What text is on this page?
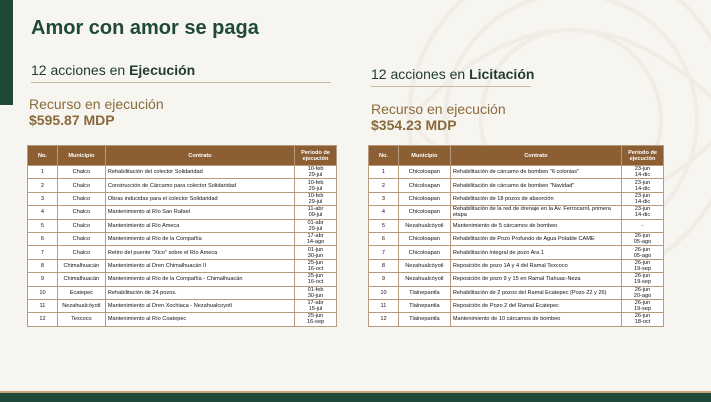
Amor con amor se paga
12 acciones en Ejecución	12 acciones en Licitación
Recurso en ejecución
$595.87 MDP
Recurso en ejecución
$354.23 MDP
No.	Municipio	Contrato	Periodo de ejecución
1	Chalco	Rehabilitación del colector Solidaridad	10-feb
29-jul

2	Chalco	Construcción de Cárcamo para colector Solidaridad	10-feb
29-jul

3	Chalco	Obras inducidas para el colector Solidaridad	10-feb
29-jul

4	Chalco	Mantenimiento al Río San Rafael	11-abr
09-jul

5	Chalco	Mantenimiento al Río Ameca	01-abr
29-jul

6	Chalco	Mantenimiento al Río de la Compañía	17-abr
14-ago

7	Chalco	Retiro del puente "Xico" sobre el Río Ameca	01-jun
30-jun

8	Chimalhuacán	Mantenimiento al Dren Chimalhuacán II	25-jun
16-oct

9	Chimalhuacán	Mantenimiento al Río de la Compañía - Chimalhuacán	25-jun
16-oct

10	Ecatepec	Rehabilitación de 24 pozos.	01-feb
30-jun

11	Nezahualcóyotl	Mantenimiento al Dren Xochiaca - Nezahualcoyotl	17-abr
15-jul

12	Texcoco	Mantenimiento al Río Coatepec	25-jun
16-sep
No.	Municipio	Contrato	Periodo de ejecución
1	Chicoloapan	Rehabilitación de cárcamo de bombeo "6 colonias"	23-jun
14-dic

2	Chicoloapan	Rehabilitación de cárcamo de bombeo "Navidad"	23-jun
14-dic

3	Chicoloapan	Rehabilitación de 18 pozos de absorción	23-jun
14-dic

4	Chicoloapan	Rehabilitación de la red de drenaje en la Av. Ferrocarril, primera etapa	23-jun
14-dic

5	Nezahualcóyotl	Mantenimiento de 5 cárcamos de bombeo	-

6	Chicoloapan	Rehabilitación de Pozo Profundo de Agua Potable CAME	26-jun
05-ago

7	Chicoloapan	Rehabilitación integral de pozo Ara 1	26-jun
05-ago

8	Nezahualcóyotl	Reposición de pozo 1A y 4 del Ramal Texcoco	26-jun
19-sep

9	Nezahualcóyotl	Reposición de pozo 9 y 15 en Ramal Tlahuac-Neza	26-jun
19-sep

10	Tlalnepantla	Rehabilitación de 2 pozos del Ramal Ecatepec (Pozo 22 y 26)	26-jun
20-ago

11	Tlalnepantla	Reposición de Pozo 2 del Ramal Ecatepec	26-jun
19-sep

12	Tlalnepantla	Mantenimiento de 10 cárcamos de bombeo	26-jun
18-oct
